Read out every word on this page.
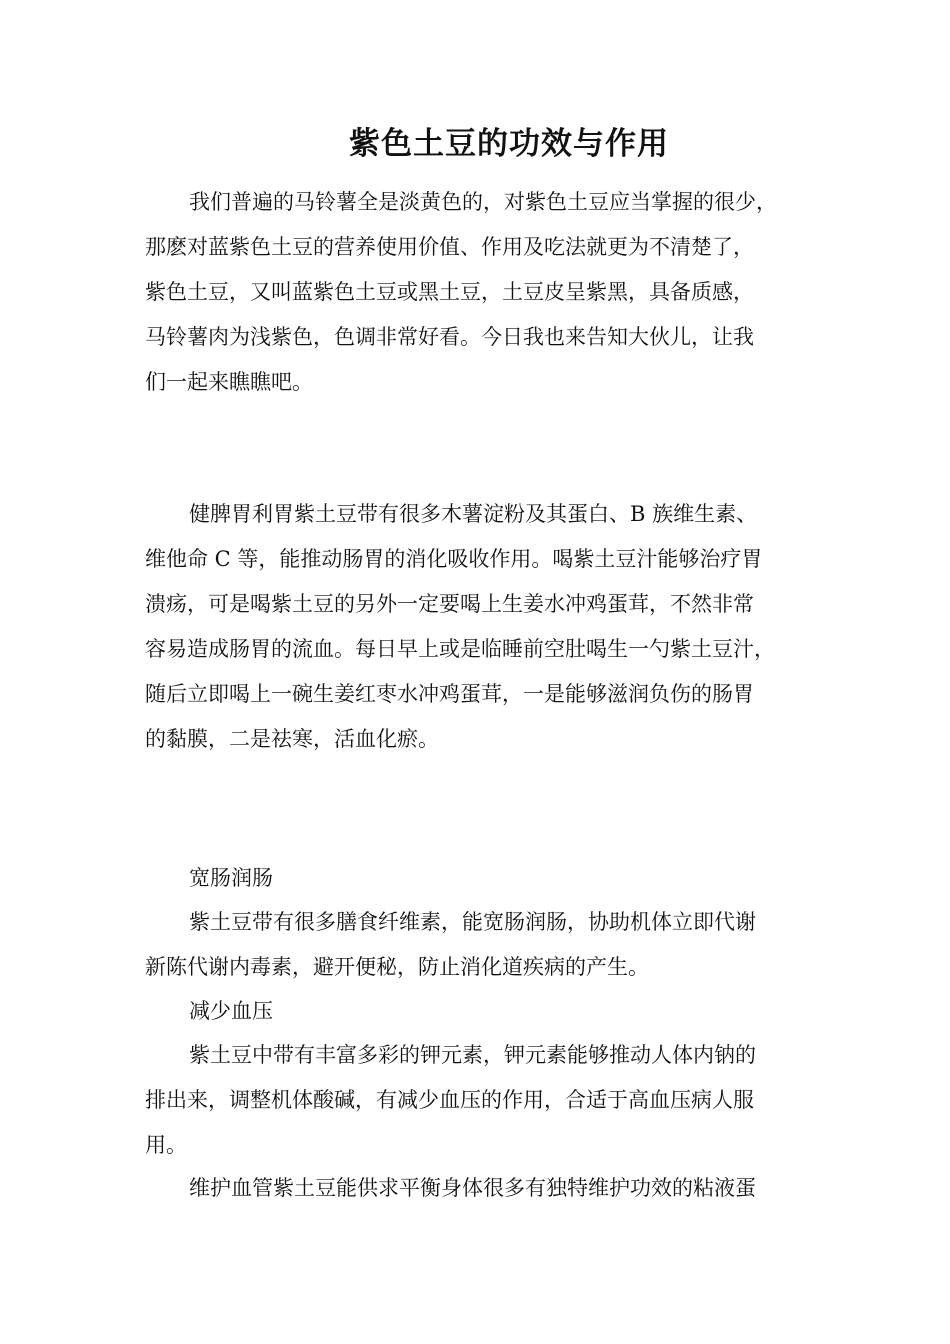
紫色土豆的功效与作用
我们普遍的马铃薯全是淡黄色的，对紫色土豆应当掌握的很少，
那麽对蓝紫色土豆的营养使用价值、作用及吃法就更为不清楚了，
紫色土豆，又叫蓝紫色土豆或黑土豆，土豆皮呈紫黑，具备质感，
马铃薯肉为浅紫色，色调非常好看。今日我也来告知大伙儿，让我
们一起来瞧瞧吧。
健脾胃利胃紫土豆带有很多木薯淀粉及其蛋白、B 族维生素、
维他命 C 等，能推动肠胃的消化吸收作用。喝紫土豆汁能够治疗胃
溃疡，可是喝紫土豆的另外一定要喝上生姜水冲鸡蛋茸，不然非常
容易造成肠胃的流血。每日早上或是临睡前空肚喝生一勺紫土豆汁，
随后立即喝上一碗生姜红枣水冲鸡蛋茸，一是能够滋润负伤的肠胃
的黏膜，二是祛寒，活血化瘀。
宽肠润肠
紫土豆带有很多膳食纤维素，能宽肠润肠，协助机体立即代谢
新陈代谢内毒素，避开便秘，防止消化道疾病的产生。
减少血压
紫土豆中带有丰富多彩的钾元素，钾元素能够推动人体内钠的
排出来，调整机体酸碱，有减少血压的作用，合适于高血压病人服
用。
维护血管紫土豆能供求平衡身体很多有独特维护功效的粘液蛋
